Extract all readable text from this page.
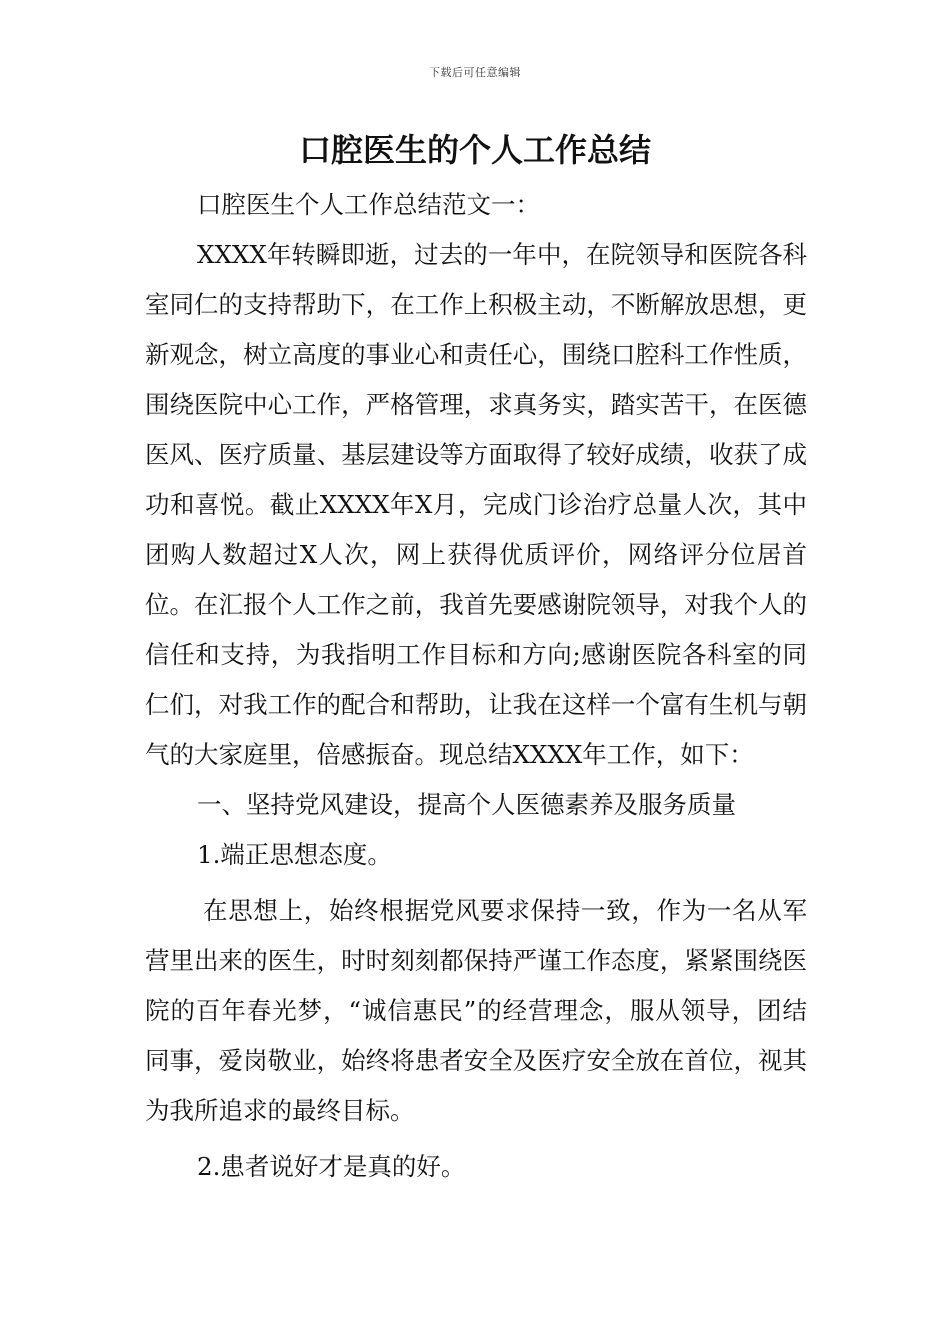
下载后可任意编辑
口腔医生的个人工作总结

口腔医生个人工作总结范文一：

XXXX年转瞬即逝，过去的一年中，在院领导和医院各科室同仁的支持帮助下，在工作上积极主动，不断解放思想，更新观念，树立高度的事业心和责任心，围绕口腔科工作性质，围绕医院中心工作，严格管理，求真务实，踏实苦干，在医德医风、医疗质量、基层建设等方面取得了较好成绩，收获了成功和喜悦。截止XXXX年X月，完成门诊治疗总量人次，其中团购人数超过X人次，网上获得优质评价，网络评分位居首位。在汇报个人工作之前，我首先要感谢院领导，对我个人的信任和支持，为我指明工作目标和方向;感谢医院各科室的同仁们，对我工作的配合和帮助，让我在这样一个富有生机与朝气的大家庭里，倍感振奋。现总结XXXX年工作，如下：

一、坚持党风建设，提高个人医德素养及服务质量

1.端正思想态度。

在思想上，始终根据党风要求保持一致，作为一名从军营里出来的医生，时时刻刻都保持严谨工作态度，紧紧围绕医院的百年春光梦，“诚信惠民”的经营理念，服从领导，团结同事，爱岗敬业，始终将患者安全及医疗安全放在首位，视其为我所追求的最终目标。

2.患者说好才是真的好。
